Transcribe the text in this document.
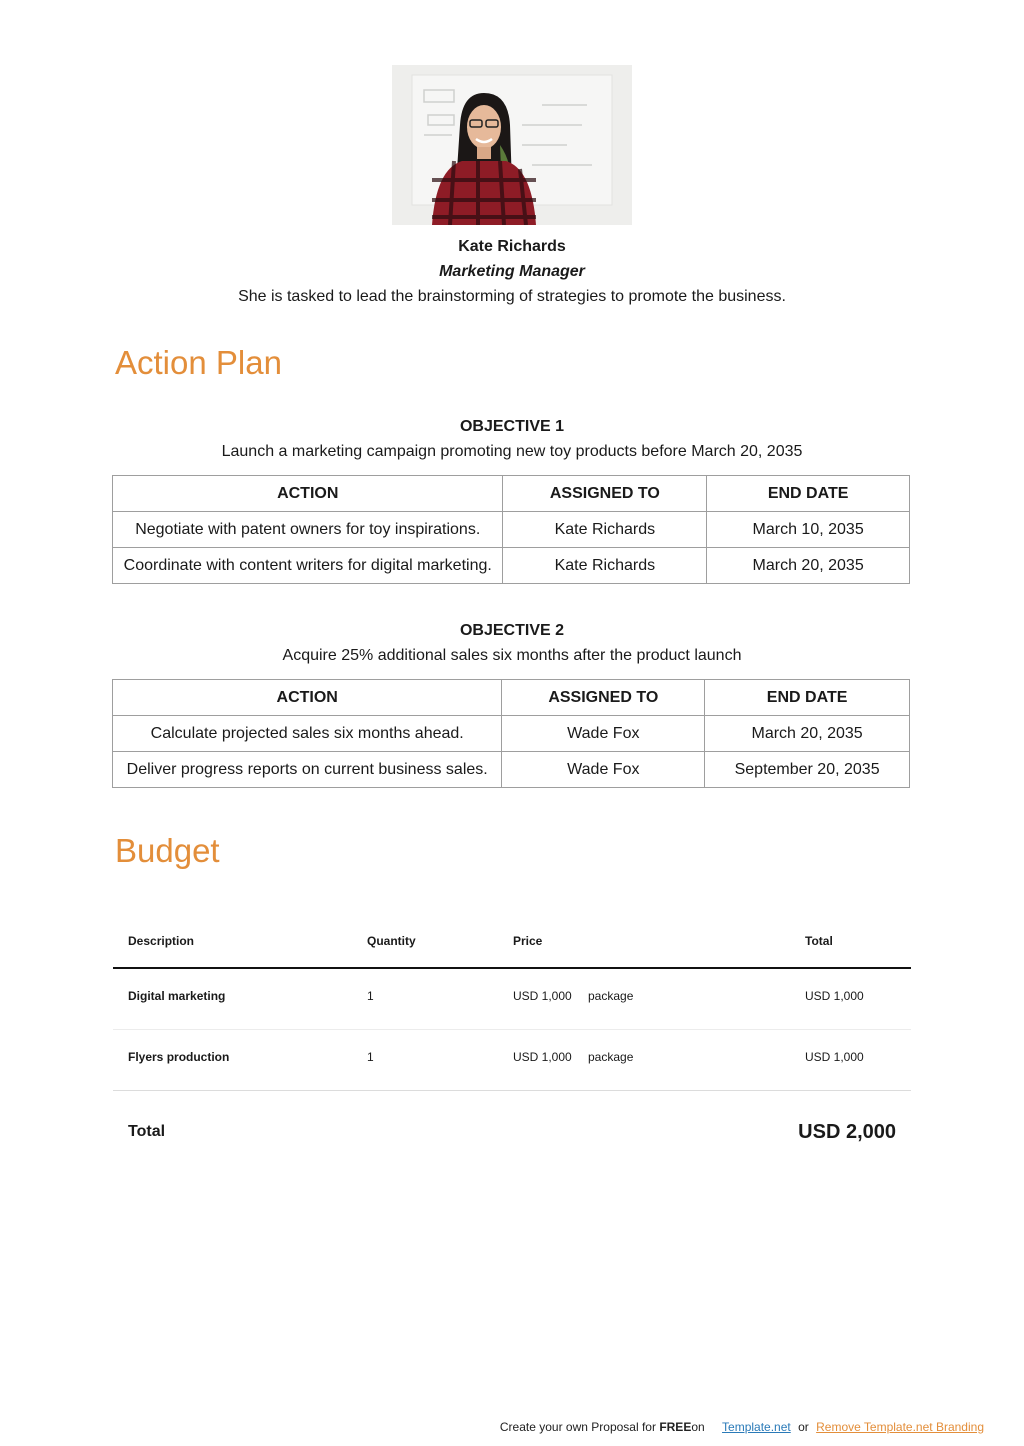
Kate Richards
Marketing Manager
She is tasked to lead the brainstorming of strategies to promote the business.
Action Plan
OBJECTIVE 1
Launch a marketing campaign promoting new toy products before March 20, 2035
ACTION	ASSIGNED TO	END DATE
Negotiate with patent owners for toy inspirations.	Kate Richards	March 10, 2035
Coordinate with content writers for digital marketing.	Kate Richards	March 20, 2035
OBJECTIVE 2
Acquire 25% additional sales six months after the product launch
ACTION	ASSIGNED TO	END DATE
Calculate projected sales six months ahead.	Wade Fox	March 20, 2035
Deliver progress reports on current business sales.	Wade Fox	September 20, 2035
Budget
Description	Quantity	Price	Total
Digital marketing	1	USD 1,000 package	USD 1,000
Flyers production	1	USD 1,000 package	USD 1,000
Total	USD 2,000
Create your own Proposal for FREEon Template.net or Remove Template.net Branding
